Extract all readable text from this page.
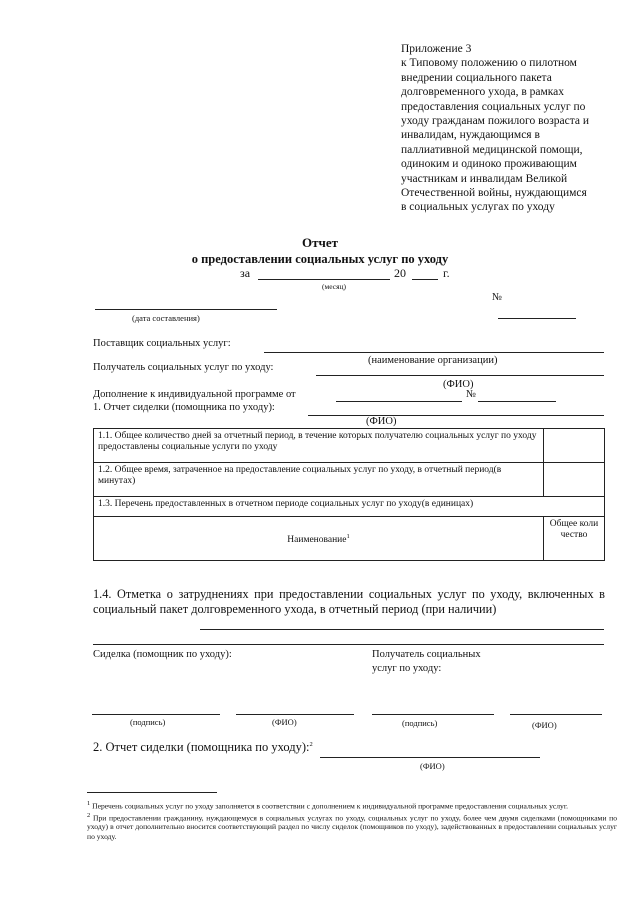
Приложение 3
к Типовому положению о пилотном
внедрении социального пакета
долговременного ухода, в рамках
предоставления социальных услуг по
уходу гражданам пожилого возраста и
инвалидам, нуждающимся в
паллиативной медицинской помощи,
одиноким и одиноко проживающим
участникам и инвалидам Великой
Отечественной войны, нуждающимся
в социальных услугах по уходу
Отчет
о предоставлении социальных услуг по уходу
за	20	г.
(месяц)
(дата составления)
№
Поставщик социальных услуг:
(наименование организации)
Получатель социальных услуг по уходу:
(ФИО)
Дополнение к индивидуальной программе от	№
1. Отчет сиделки (помощника по уходу):
(ФИО)
1.1. Общее количество дней за отчетный период, в течение которых получателю социальных услуг по уходу предоставлены социальные услуги по уходу	
1.2. Общее время, затраченное на предоставление социальных услуг по уходу, в отчетный период(в минутах)	
1.3. Перечень предоставленных в отчетном периоде социальных услуг по уходу(в единицах)	
Наименование$^1$	Общее количество
1.4. Отметка о затруднениях при предоставлении социальных услуг по уходу, включенных в социальный пакет долговременного ухода, в отчетный период (при наличии)
Сиделка (помощник по уходу):	Получатель социальных услуг по уходу:
(подпись)	(ФИО)	(подпись)	(ФИО)
2. Отчет сиделки (помощника по уходу):$^2$
(ФИО)
$^1$ Перечень социальных услуг по уходу заполняется в соответствии с дополнением к индивидуальной программе предоставления социальных услуг.
$^2$ При предоставлении гражданину, нуждающемуся в социальных услугах по уходу, социальных услуг по уходу, более чем двумя сиделками (помощниками по уходу) в отчет дополнительно вносится соответствующий раздел по числу сиделок (помощников по уходу), задействованных в предоставлении социальных услуг по уходу.
